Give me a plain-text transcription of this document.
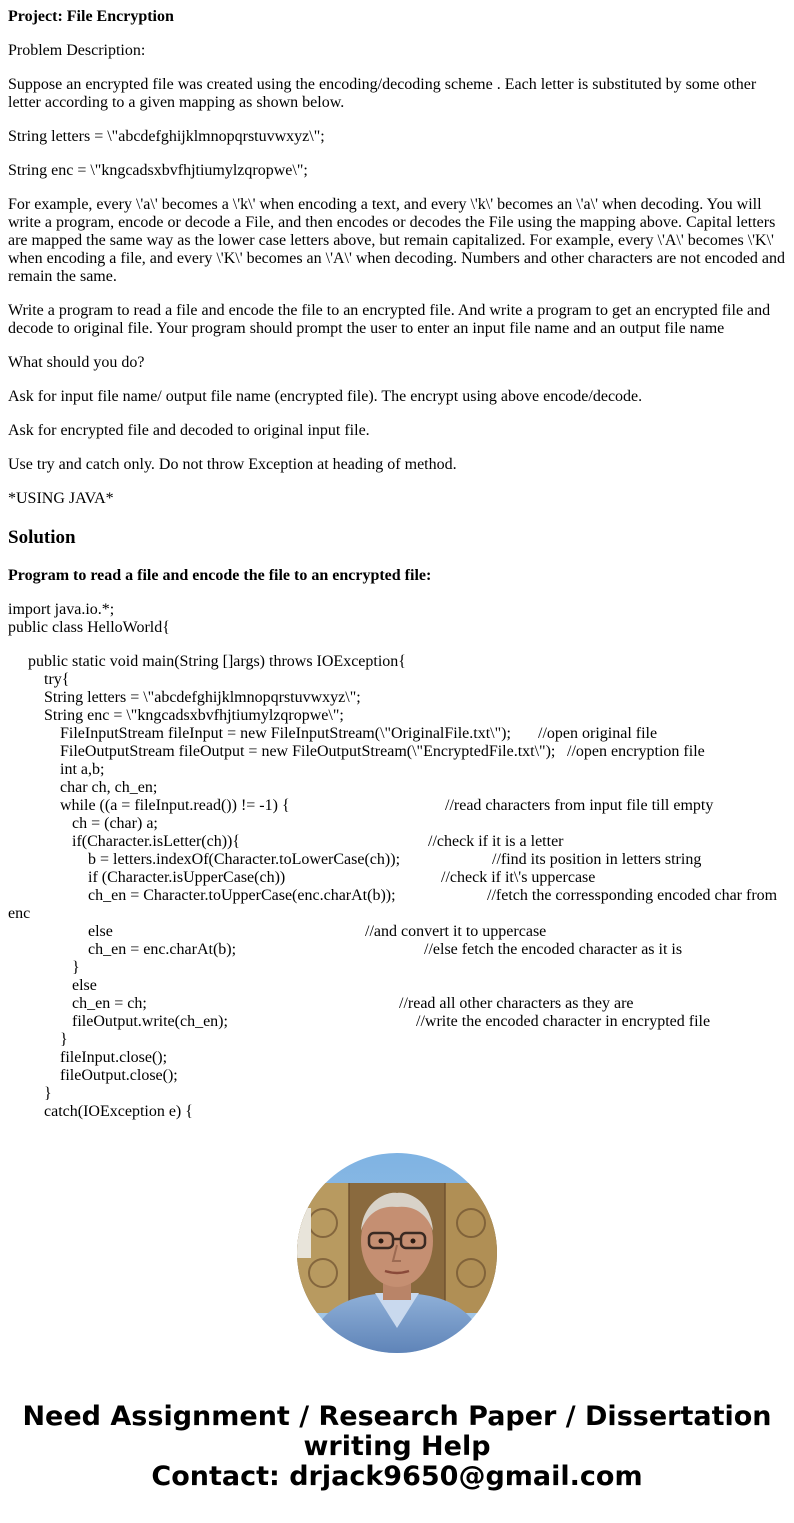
Project: File Encryption
Problem Description:
Suppose an encrypted file was created using the encoding/decoding scheme . Each letter is substituted by some other letter according to a given mapping as shown below.
String letters = \"abcdefghijklmnopqrstuvwxyz\";
String enc = \"kngcadsxbvfhjtiumylzqropwe\";
For example, every \'a\' becomes a \'k\' when encoding a text, and every \'k\' becomes an \'a\' when decoding. You will write a program, encode or decode a File, and then encodes or decodes the File using the mapping above. Capital letters are mapped the same way as the lower case letters above, but remain capitalized. For example, every \'A\' becomes \'K\' when encoding a file, and every \'K\' becomes an \'A\' when decoding. Numbers and other characters are not encoded and remain the same.
Write a program to read a file and encode the file to an encrypted file. And write a program to get an encrypted file and decode to original file. Your program should prompt the user to enter an input file name and an output file name
What should you do?
Ask for input file name/ output file name (encrypted file). The encrypt using above encode/decode.
Ask for encrypted file and decoded to original input file.
Use try and catch only. Do not throw Exception at heading of method.
*USING JAVA*
Solution
Program to read a file and encode the file to an encrypted file:
import java.io.*;
public class HelloWorld{
public static void main(String []args) throws IOException{
try{
String letters = \"abcdefghijklmnopqrstuvwxyz\";
String enc = \"kngcadsxbvfhjtiumylzqropwe\";
FileInputStream fileInput = new FileInputStream(\"OriginalFile.txt\"); //open original file
FileOutputStream fileOutput = new FileOutputStream(\"EncryptedFile.txt\"); //open encryption file
int a,b;
char ch, ch_en;
while ((a = fileInput.read()) != -1) {	//read characters from input file till empty
ch = (char) a;
if(Character.isLetter(ch)){	//check if it is a letter
b = letters.indexOf(Character.toLowerCase(ch));	//find its position in letters string
if (Character.isUpperCase(ch))	//check if it\'s uppercase
ch_en = Character.toUpperCase(enc.charAt(b));	//fetch the corressponding encoded char from
enc
else	//and convert it to uppercase
ch_en = enc.charAt(b);	//else fetch the encoded character as it is
}
else
ch_en = ch;	//read all other characters as they are
fileOutput.write(ch_en);	//write the encoded character in encrypted file
}
fileInput.close();
fileOutput.close();
}
catch(IOException e) {
Need Assignment / Research Paper / Dissertation
writing Help
Contact: drjack9650@gmail.com
